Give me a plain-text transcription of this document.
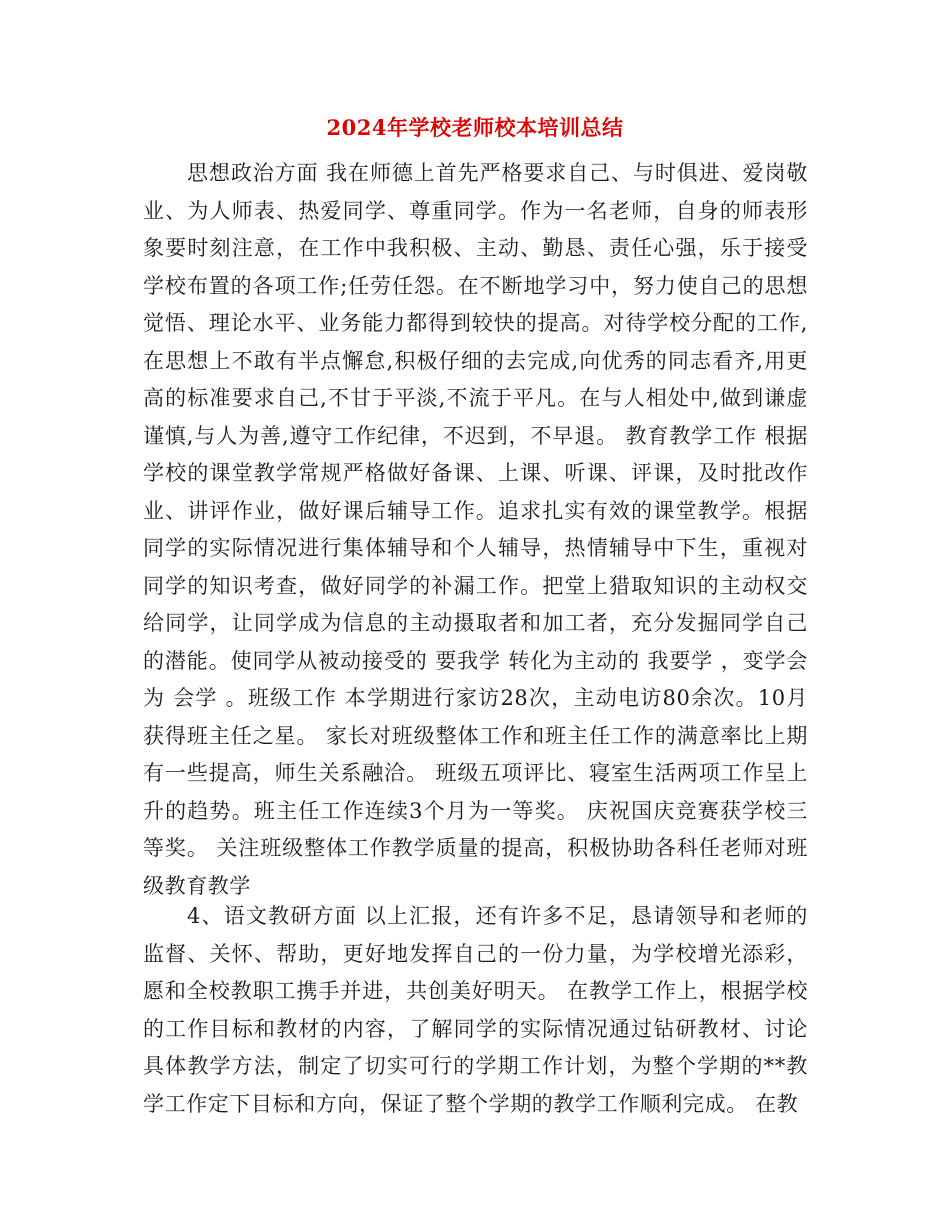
2024年学校老师校本培训总结

思想政治方面 我在师德上首先严格要求自己、与时俱进、爱岗敬业、为人师表、热爱同学、尊重同学。作为一名老师，自身的师表形象要时刻注意，在工作中我积极、主动、勤恳、责任心强，乐于接受学校布置的各项工作;任劳任怨。在不断地学习中，努力使自己的思想觉悟、理论水平、业务能力都得到较快的提高。对待学校分配的工作,在思想上不敢有半点懈怠,积极仔细的去完成,向优秀的同志看齐,用更高的标准要求自己,不甘于平淡,不流于平凡。在与人相处中,做到谦虚谨慎,与人为善,遵守工作纪律，不迟到，不早退。 教育教学工作 根据学校的课堂教学常规严格做好备课、上课、听课、评课，及时批改作业、讲评作业，做好课后辅导工作。追求扎实有效的课堂教学。根据同学的实际情况进行集体辅导和个人辅导，热情辅导中下生，重视对同学的知识考查，做好同学的补漏工作。把堂上猎取知识的主动权交给同学，让同学成为信息的主动摄取者和加工者，充分发掘同学自己的潜能。使同学从被动接受的 要我学 转化为主动的 我要学 ，变学会 为 会学 。班级工作 本学期进行家访28次，主动电访80余次。10月获得班主任之星。 家长对班级整体工作和班主任工作的满意率比上期有一些提高，师生关系融洽。 班级五项评比、寝室生活两项工作呈上升的趋势。班主任工作连续3个月为一等奖。 庆祝国庆竞赛获学校三等奖。 关注班级整体工作教学质量的提高，积极协助各科任老师对班级教育教学

4、语文教研方面 以上汇报，还有许多不足，恳请领导和老师的监督、关怀、帮助，更好地发挥自己的一份力量，为学校增光添彩，愿和全校教职工携手并进，共创美好明天。 在教学工作上，根据学校的工作目标和教材的内容，了解同学的实际情况通过钻研教材、讨论具体教学方法，制定了切实可行的学期工作计划，为整个学期的**教学工作定下目标和方向，保证了整个学期的教学工作顺利完成。 在教
